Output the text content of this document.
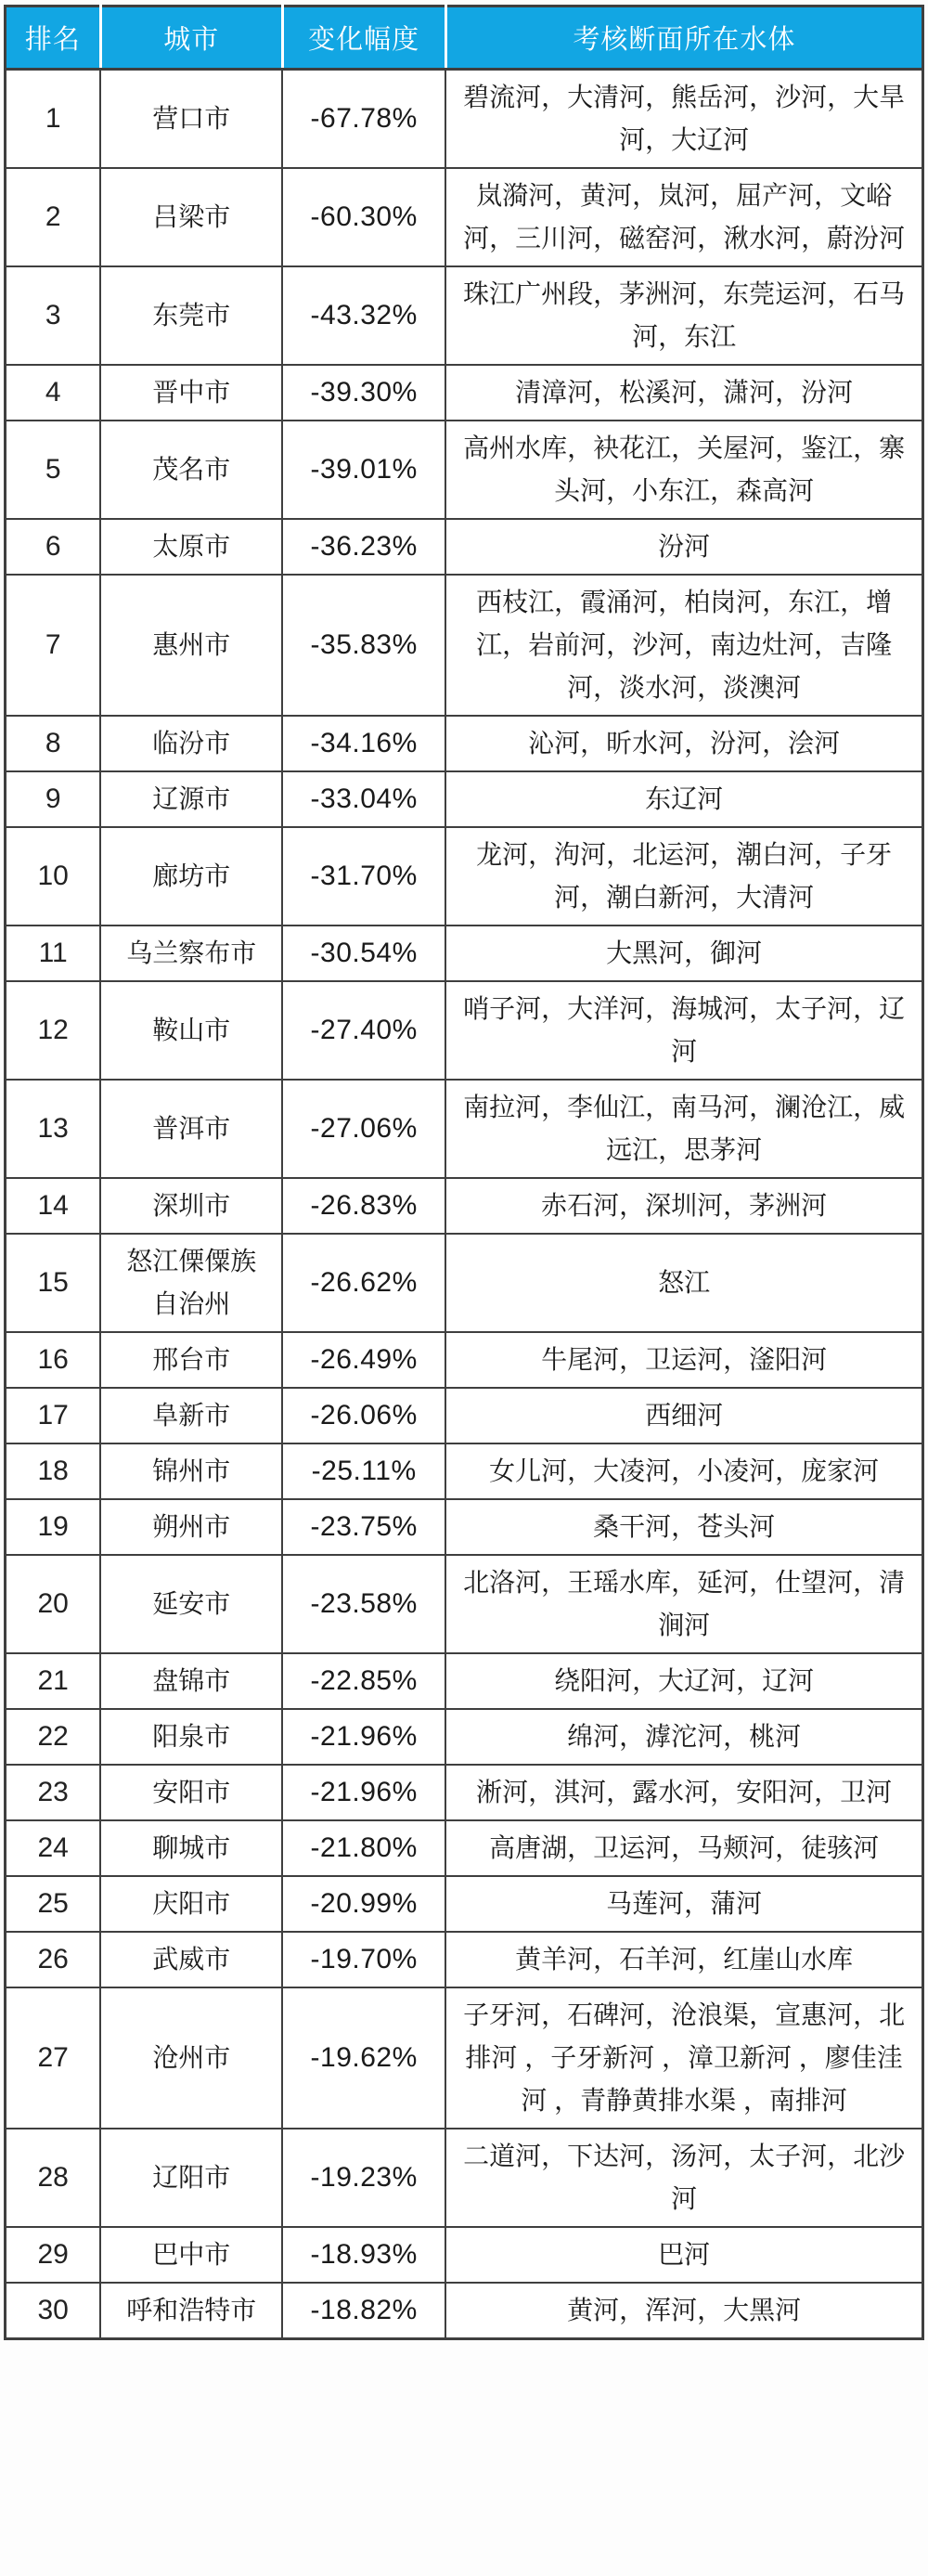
排名	城市	变化幅度	考核断面所在水体
1	营口市	-67.78%	碧流河，大清河，熊岳河，沙河，大旱河，大辽河
2	吕梁市	-60.30%	岚漪河，黄河，岚河，屈产河，文峪河，三川河，磁窑河，湫水河，蔚汾河
3	东莞市	-43.32%	珠江广州段，茅洲河，东莞运河，石马河，东江
4	晋中市	-39.30%	清漳河，松溪河，潇河，汾河
5	茂名市	-39.01%	高州水库，袂花江，关屋河，鉴江，寨头河，小东江，森高河
6	太原市	-36.23%	汾河
7	惠州市	-35.83%	西枝江，霞涌河，柏岗河，东江，增江，岩前河，沙河，南边灶河，吉隆河，淡水河，淡澳河
8	临汾市	-34.16%	沁河，昕水河，汾河，浍河
9	辽源市	-33.04%	东辽河
10	廊坊市	-31.70%	龙河，泃河，北运河，潮白河，子牙河，潮白新河，大清河
11	乌兰察布市	-30.54%	大黑河，御河
12	鞍山市	-27.40%	哨子河，大洋河，海城河，太子河，辽河
13	普洱市	-27.06%	南拉河，李仙江，南马河，澜沧江，威远江，思茅河
14	深圳市	-26.83%	赤石河，深圳河，茅洲河
15	怒江傈僳族自治州	-26.62%	怒江
16	邢台市	-26.49%	牛尾河，卫运河，滏阳河
17	阜新市	-26.06%	西细河
18	锦州市	-25.11%	女儿河，大凌河，小凌河，庞家河
19	朔州市	-23.75%	桑干河，苍头河
20	延安市	-23.58%	北洛河，王瑶水库，延河，仕望河，清涧河
21	盘锦市	-22.85%	绕阳河，大辽河，辽河
22	阳泉市	-21.96%	绵河，滹沱河，桃河
23	安阳市	-21.96%	淅河，淇河，露水河，安阳河，卫河
24	聊城市	-21.80%	高唐湖，卫运河，马颊河，徒骇河
25	庆阳市	-20.99%	马莲河，蒲河
26	武威市	-19.70%	黄羊河，石羊河，红崖山水库
27	沧州市	-19.62%	子牙河，石碑河，沧浪渠，宣惠河，北排河 ，子牙新河 ，漳卫新河 ，廖佳洼河 ，青静黄排水渠 ，南排河
28	辽阳市	-19.23%	二道河，下达河，汤河，太子河，北沙河
29	巴中市	-18.93%	巴河
30	呼和浩特市	-18.82%	黄河，浑河，大黑河
